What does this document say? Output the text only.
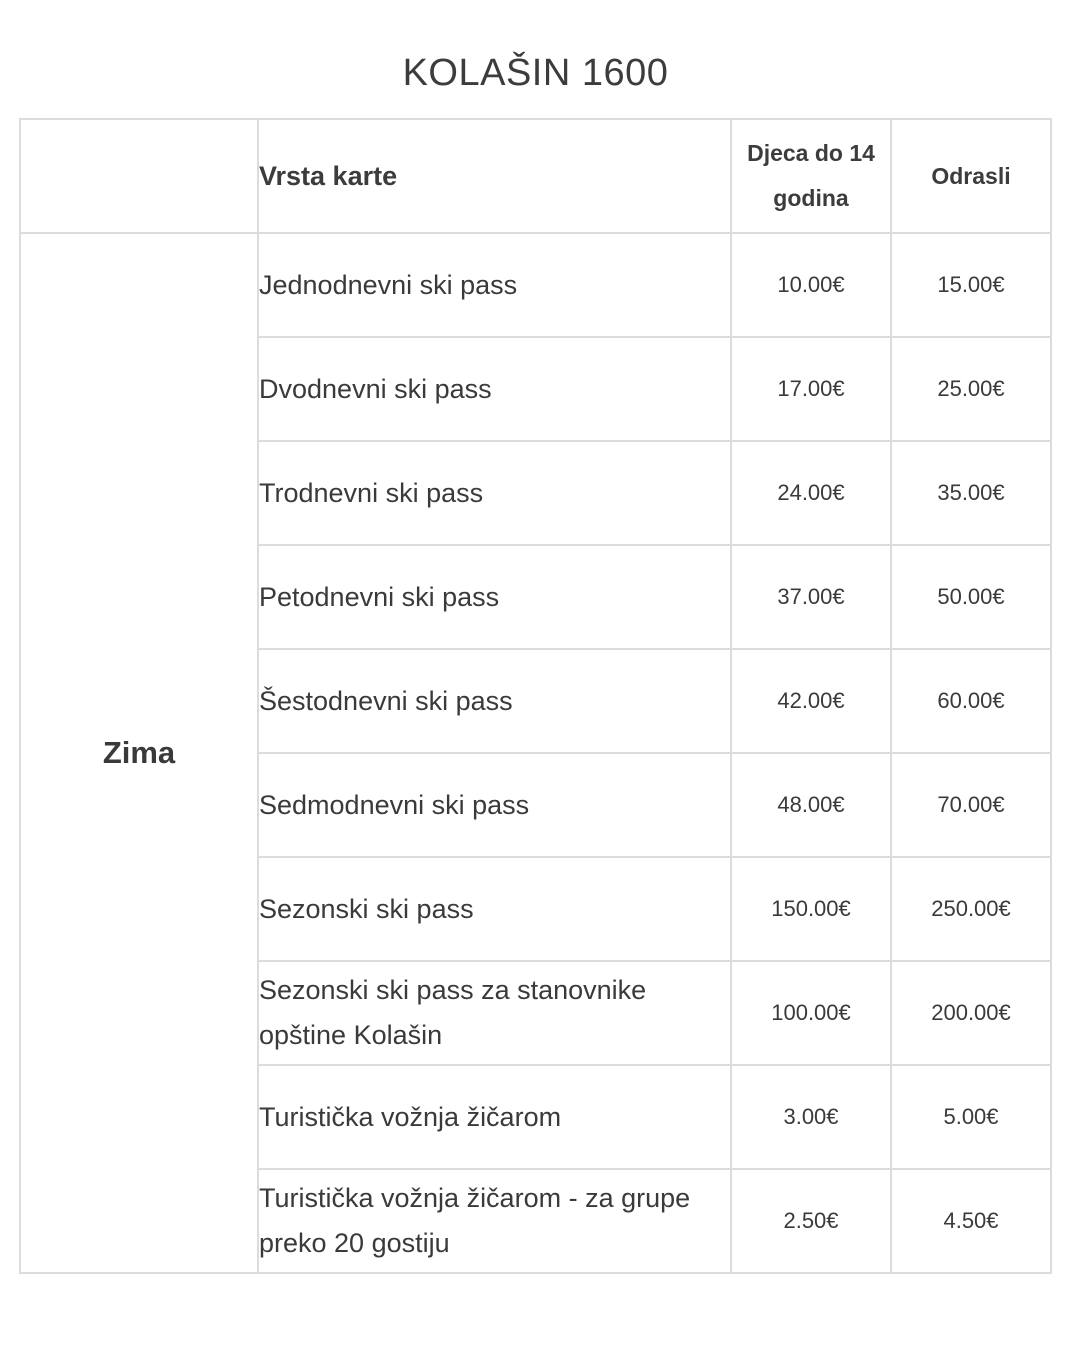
KOLAŠIN 1600
	Vrsta karte	Djeca do 14 godina	Odrasli
Zima	Jednodnevni ski pass	10.00€	15.00€
	Dvodnevni ski pass	17.00€	25.00€
	Trodnevni ski pass	24.00€	35.00€
	Petodnevni ski pass	37.00€	50.00€
	Šestodnevni ski pass	42.00€	60.00€
	Sedmodnevni ski pass	48.00€	70.00€
	Sezonski ski pass	150.00€	250.00€
	Sezonski ski pass za stanovnike opštine Kolašin	100.00€	200.00€
	Turistička vožnja žičarom	3.00€	5.00€
	Turistička vožnja žičarom - za grupe preko 20 gostiju	2.50€	4.50€
